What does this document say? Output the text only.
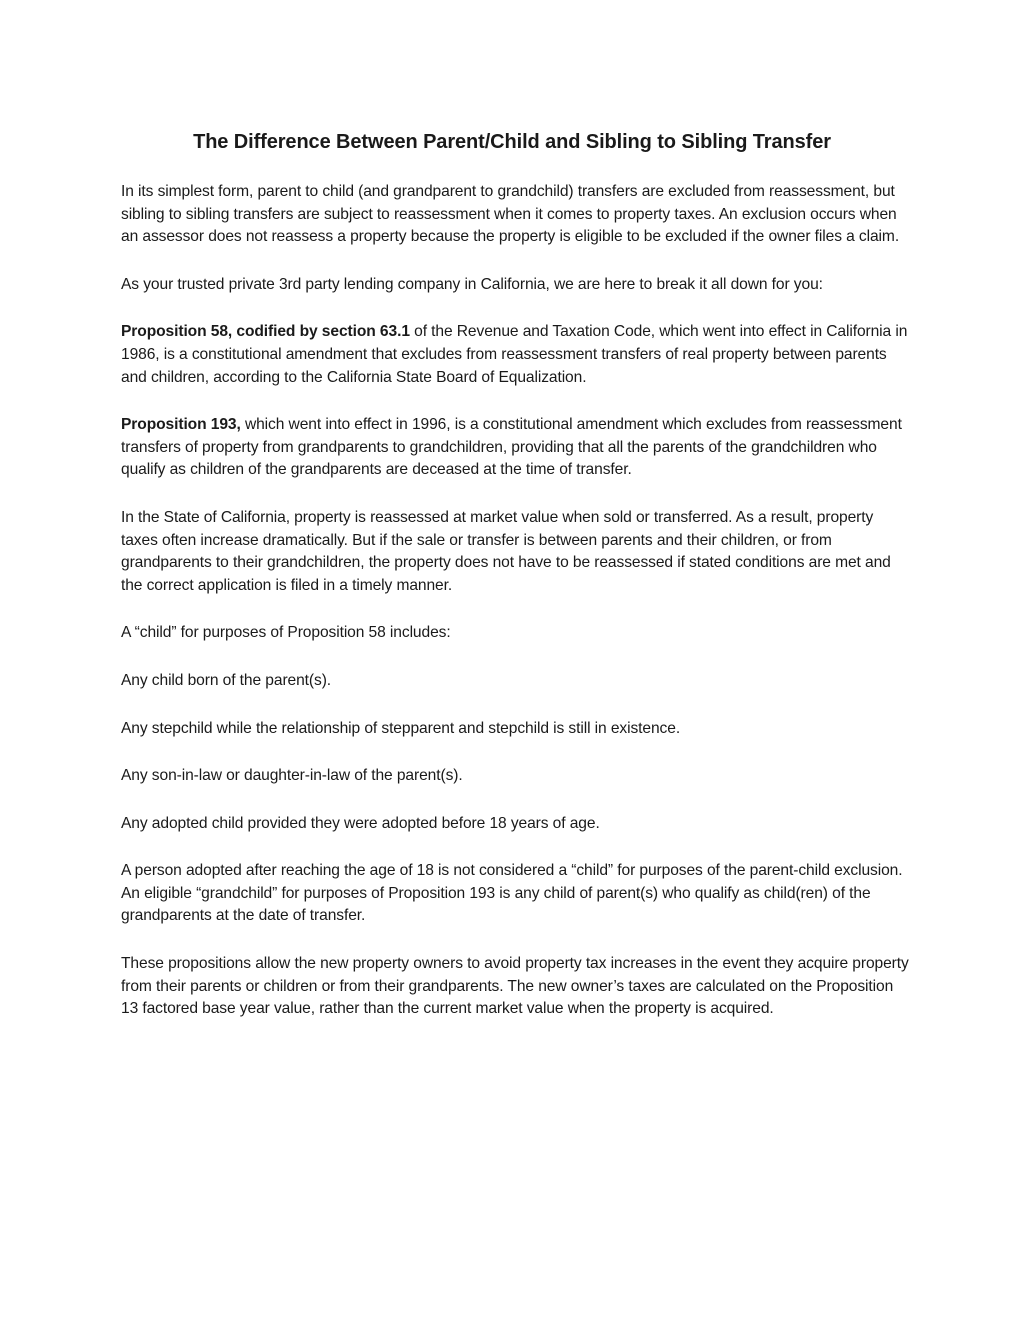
The Difference Between Parent/Child and Sibling to Sibling Transfer

In its simplest form, parent to child (and grandparent to grandchild) transfers are excluded from reassessment, but sibling to sibling transfers are subject to reassessment when it comes to property taxes. An exclusion occurs when an assessor does not reassess a property because the property is eligible to be excluded if the owner files a claim.

As your trusted private 3rd party lending company in California, we are here to break it all down for you:

Proposition 58, codified by section 63.1 of the Revenue and Taxation Code, which went into effect in California in 1986, is a constitutional amendment that excludes from reassessment transfers of real property between parents and children, according to the California State Board of Equalization.

Proposition 193, which went into effect in 1996, is a constitutional amendment which excludes from reassessment transfers of property from grandparents to grandchildren, providing that all the parents of the grandchildren who qualify as children of the grandparents are deceased at the time of transfer.

In the State of California, property is reassessed at market value when sold or transferred. As a result, property taxes often increase dramatically. But if the sale or transfer is between parents and their children, or from grandparents to their grandchildren, the property does not have to be reassessed if stated conditions are met and the correct application is filed in a timely manner.

A “child” for purposes of Proposition 58 includes:

Any child born of the parent(s).

Any stepchild while the relationship of stepparent and stepchild is still in existence.

Any son-in-law or daughter-in-law of the parent(s).

Any adopted child provided they were adopted before 18 years of age.

A person adopted after reaching the age of 18 is not considered a “child” for purposes of the parent-child exclusion. An eligible “grandchild” for purposes of Proposition 193 is any child of parent(s) who qualify as child(ren) of the grandparents at the date of transfer.

These propositions allow the new property owners to avoid property tax increases in the event they acquire property from their parents or children or from their grandparents. The new owner’s taxes are calculated on the Proposition 13 factored base year value, rather than the current market value when the property is acquired.
